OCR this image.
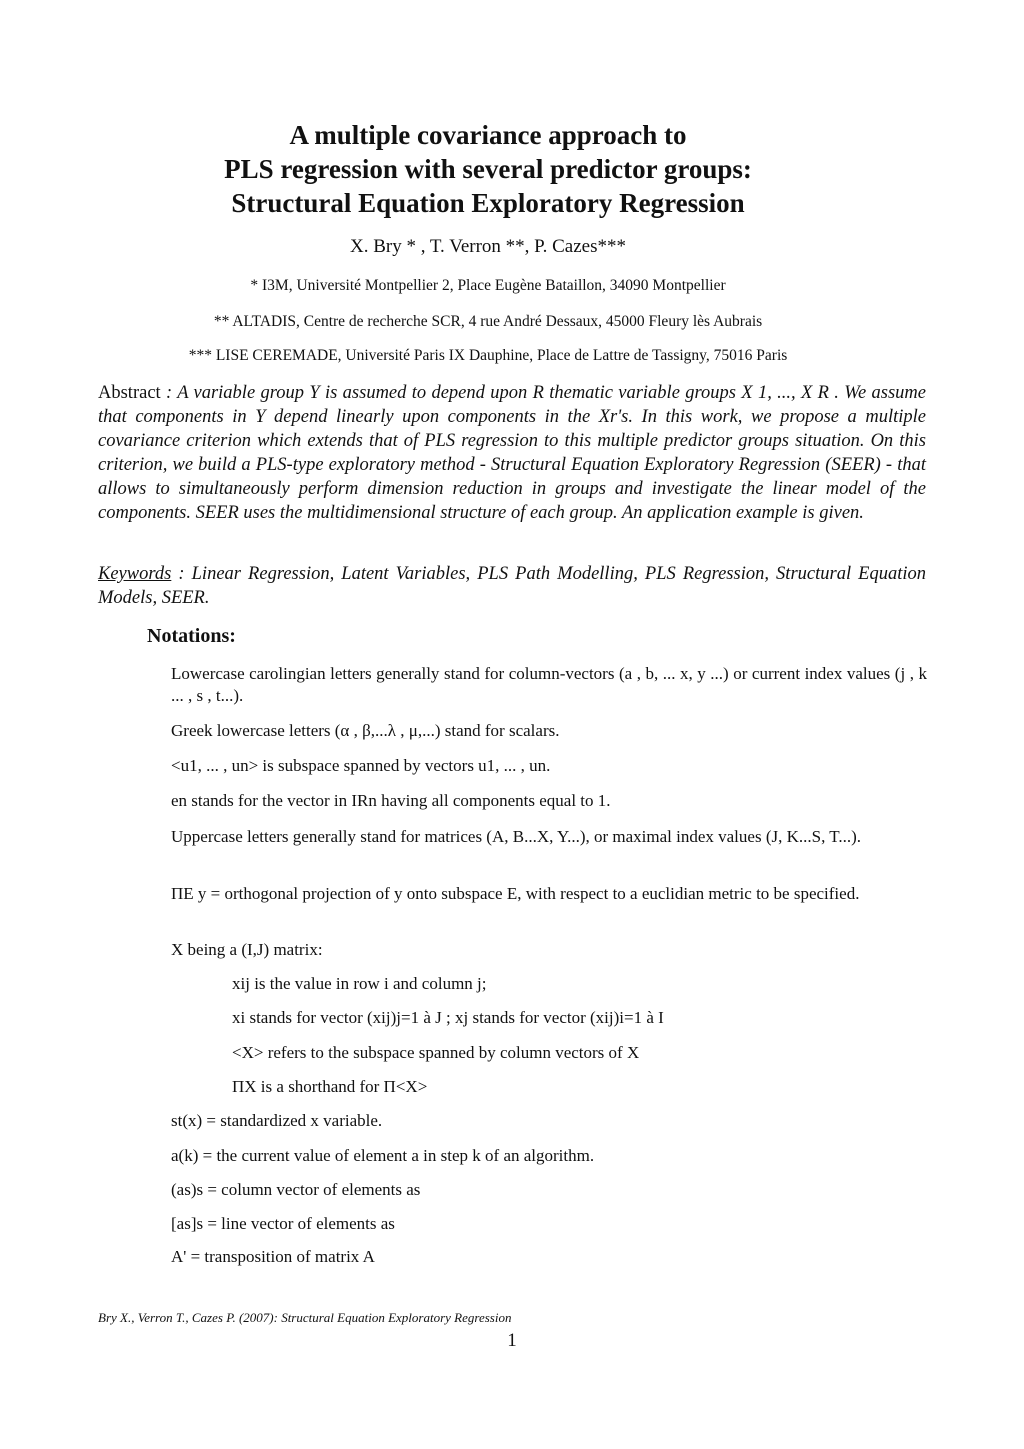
A multiple covariance approach to
PLS regression with several predictor groups:
Structural Equation Exploratory Regression
X. Bry * , T. Verron **, P. Cazes***
* I3M, Université Montpellier 2, Place Eugène Bataillon, 34090 Montpellier
** ALTADIS, Centre de recherche SCR, 4 rue André Dessaux, 45000 Fleury lès Aubrais
*** LISE CEREMADE, Université Paris IX Dauphine, Place de Lattre de Tassigny, 75016 Paris
Abstract : A variable group Y is assumed to depend upon R thematic variable groups X 1, ..., X R . We assume that components in Y depend linearly upon components in the Xr's. In this work, we propose a multiple covariance criterion which extends that of PLS regression to this multiple predictor groups situation. On this criterion, we build a PLS-type exploratory method - Structural Equation Exploratory Regression (SEER) - that allows to simultaneously perform dimension reduction in groups and investigate the linear model of the components. SEER uses the multidimensional structure of each group. An application example is given.
Keywords : Linear Regression, Latent Variables, PLS Path Modelling, PLS Regression, Structural Equation Models, SEER.
Notations:
Lowercase carolingian letters generally stand for column-vectors (a , b, ... x, y ...) or current index values (j , k ... , s , t...).
Greek lowercase letters (α , β,...λ , μ,...) stand for scalars.
<u1, ... , un> is subspace spanned by vectors u1, ... , un.
en stands for the vector in IRn having all components equal to 1.
Uppercase letters generally stand for matrices (A, B...X, Y...), or maximal index values (J, K...S, T...).
ΠE y = orthogonal projection of y onto subspace E, with respect to a euclidian metric to be specified.
X being a (I,J) matrix:
xij is the value in row i and column j;
xi stands for vector (xij)j=1 à J ; xj stands for vector (xij)i=1 à I
<X> refers to the subspace spanned by column vectors of X
ΠX is a shorthand for Π<X>
st(x) = standardized x variable.
a(k) = the current value of element a in step k of an algorithm.
(as)s = column vector of elements as
[as]s = line vector of elements as
A' = transposition of matrix A
Bry X., Verron T., Cazes P. (2007): Structural Equation Exploratory Regression
1
